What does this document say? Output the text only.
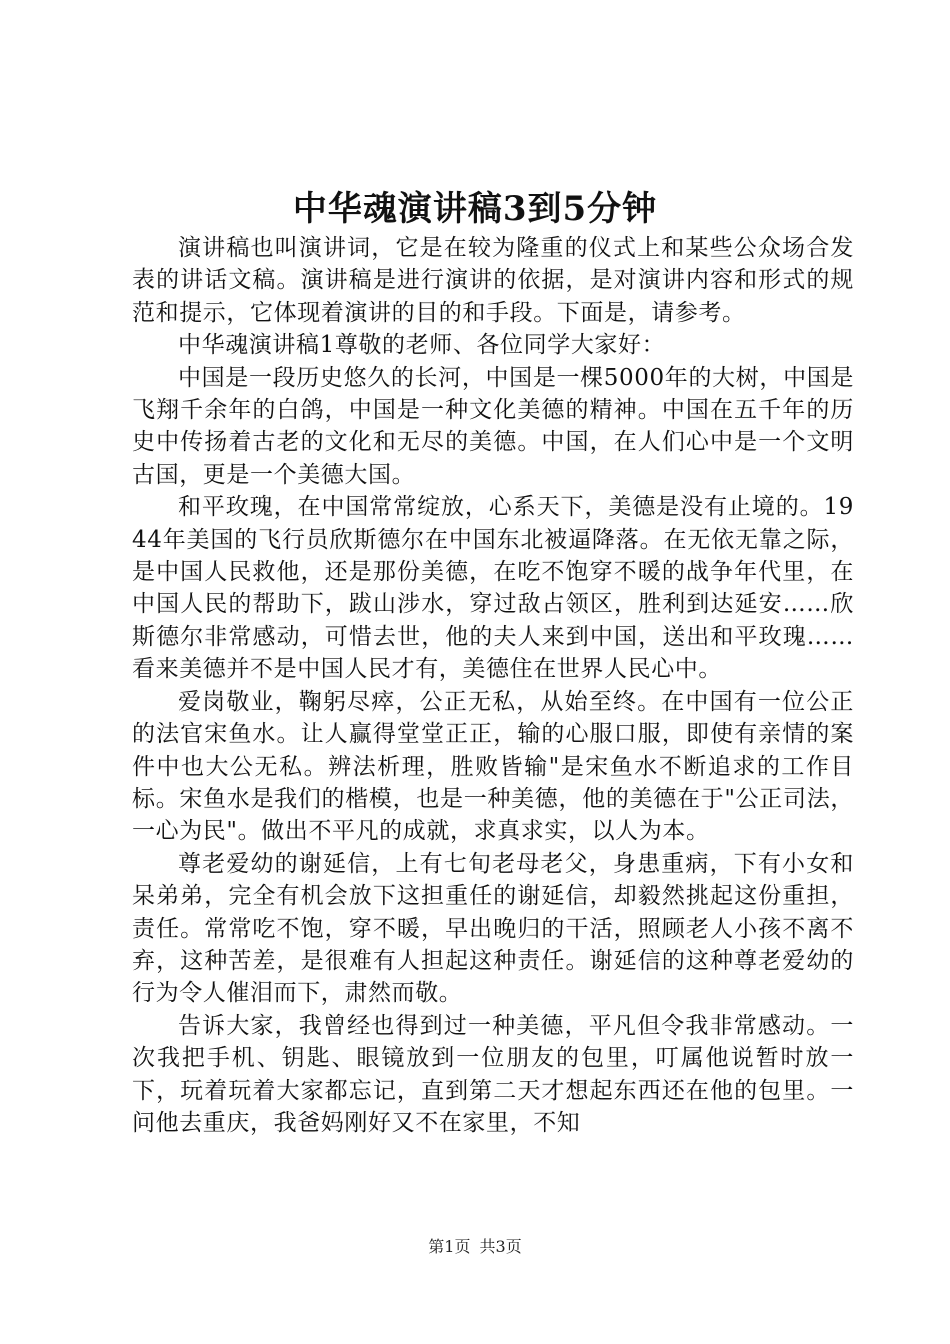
中华魂演讲稿3到5分钟

演讲稿也叫演讲词，它是在较为隆重的仪式上和某些公众场合发表的讲话文稿。演讲稿是进行演讲的依据，是对演讲内容和形式的规范和提示，它体现着演讲的目的和手段。下面是，请参考。

中华魂演讲稿1尊敬的老师、各位同学大家好：

中国是一段历史悠久的长河，中国是一棵5000年的大树，中国是飞翔千余年的白鸽，中国是一种文化美德的精神。中国在五千年的历史中传扬着古老的文化和无尽的美德。中国，在人们心中是一个文明古国，更是一个美德大国。

和平玫瑰，在中国常常绽放，心系天下，美德是没有止境的。1944年美国的飞行员欣斯德尔在中国东北被逼降落。在无依无靠之际，是中国人民救他，还是那份美德，在吃不饱穿不暖的战争年代里，在中国人民的帮助下，跋山涉水，穿过敌占领区，胜利到达延安……欣斯德尔非常感动，可惜去世，他的夫人来到中国，送出和平玫瑰……看来美德并不是中国人民才有，美德住在世界人民心中。

爱岗敬业，鞠躬尽瘁，公正无私，从始至终。在中国有一位公正的法官宋鱼水。让人赢得堂堂正正，输的心服口服，即使有亲情的案件中也大公无私。辨法析理，胜败皆输"是宋鱼水不断追求的工作目标。宋鱼水是我们的楷模，也是一种美德，他的美德在于"公正司法，一心为民"。做出不平凡的成就，求真求实，以人为本。

尊老爱幼的谢延信，上有七旬老母老父，身患重病，下有小女和呆弟弟，完全有机会放下这担重任的谢延信，却毅然挑起这份重担，责任。常常吃不饱，穿不暖，早出晚归的干活，照顾老人小孩不离不弃，这种苦差，是很难有人担起这种责任。谢延信的这种尊老爱幼的行为令人催泪而下，肃然而敬。

告诉大家，我曾经也得到过一种美德，平凡但令我非常感动。一次我把手机、钥匙、眼镜放到一位朋友的包里，叮属他说暂时放一下，玩着玩着大家都忘记，直到第二天才想起东西还在他的包里。一问他去重庆，我爸妈刚好又不在家里，不知

第1页 共3页
